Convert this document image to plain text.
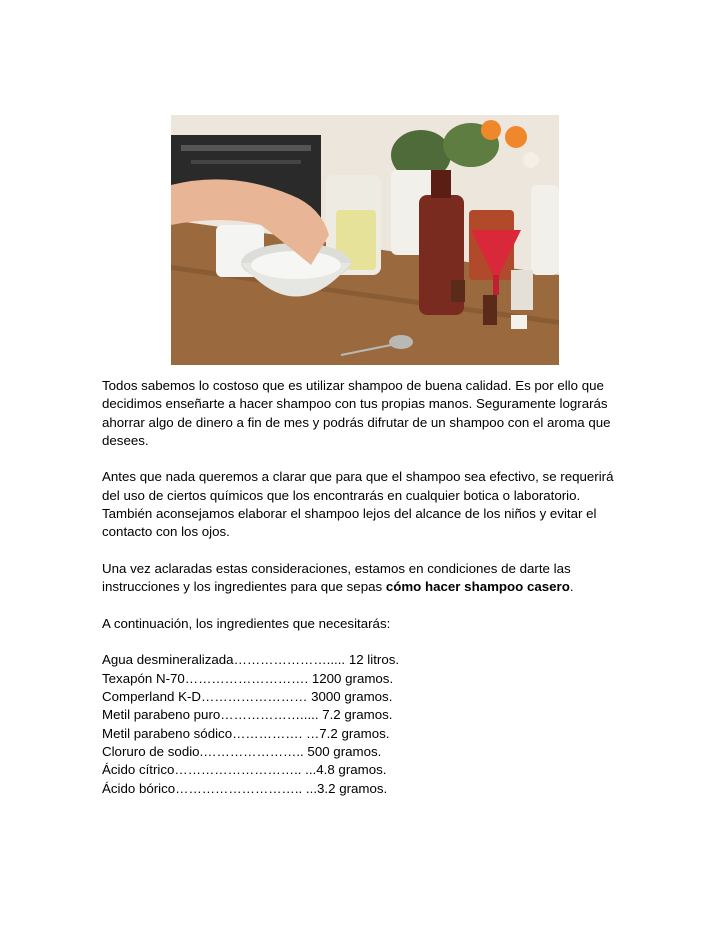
Todos sabemos lo costoso que es utilizar shampoo de buena calidad. Es por ello que decidimos enseñarte a hacer shampoo con tus propias manos. Seguramente lograrás ahorrar algo de dinero a fin de mes y podrás difrutar de un shampoo con el aroma que desees.

Antes que nada queremos a clarar que para que el shampoo sea efectivo, se requerirá del uso de ciertos químicos que los encontrarás en cualquier botica o laboratorio. También aconsejamos elaborar el shampoo lejos del alcance de los niños y evitar el contacto con los ojos.

Una vez aclaradas estas consideraciones, estamos en condiciones de darte las instrucciones y los ingredientes para que sepas cómo hacer shampoo casero.

A continuación, los ingredientes que necesitarás:

Agua desmineralizada…………………..... 12 litros.
Texapón N-70………………………. 1200 gramos.
Comperland K-D…………………… 3000 gramos.
Metil parabeno puro………………..... 7.2 gramos.
Metil parabeno sódico……………. …7.2 gramos.
Cloruro de sodio.………………….. 500 gramos.
Ácido cítrico……………………….. ...4.8 gramos.
Ácido bórico……………………….. ...3.2 gramos.
